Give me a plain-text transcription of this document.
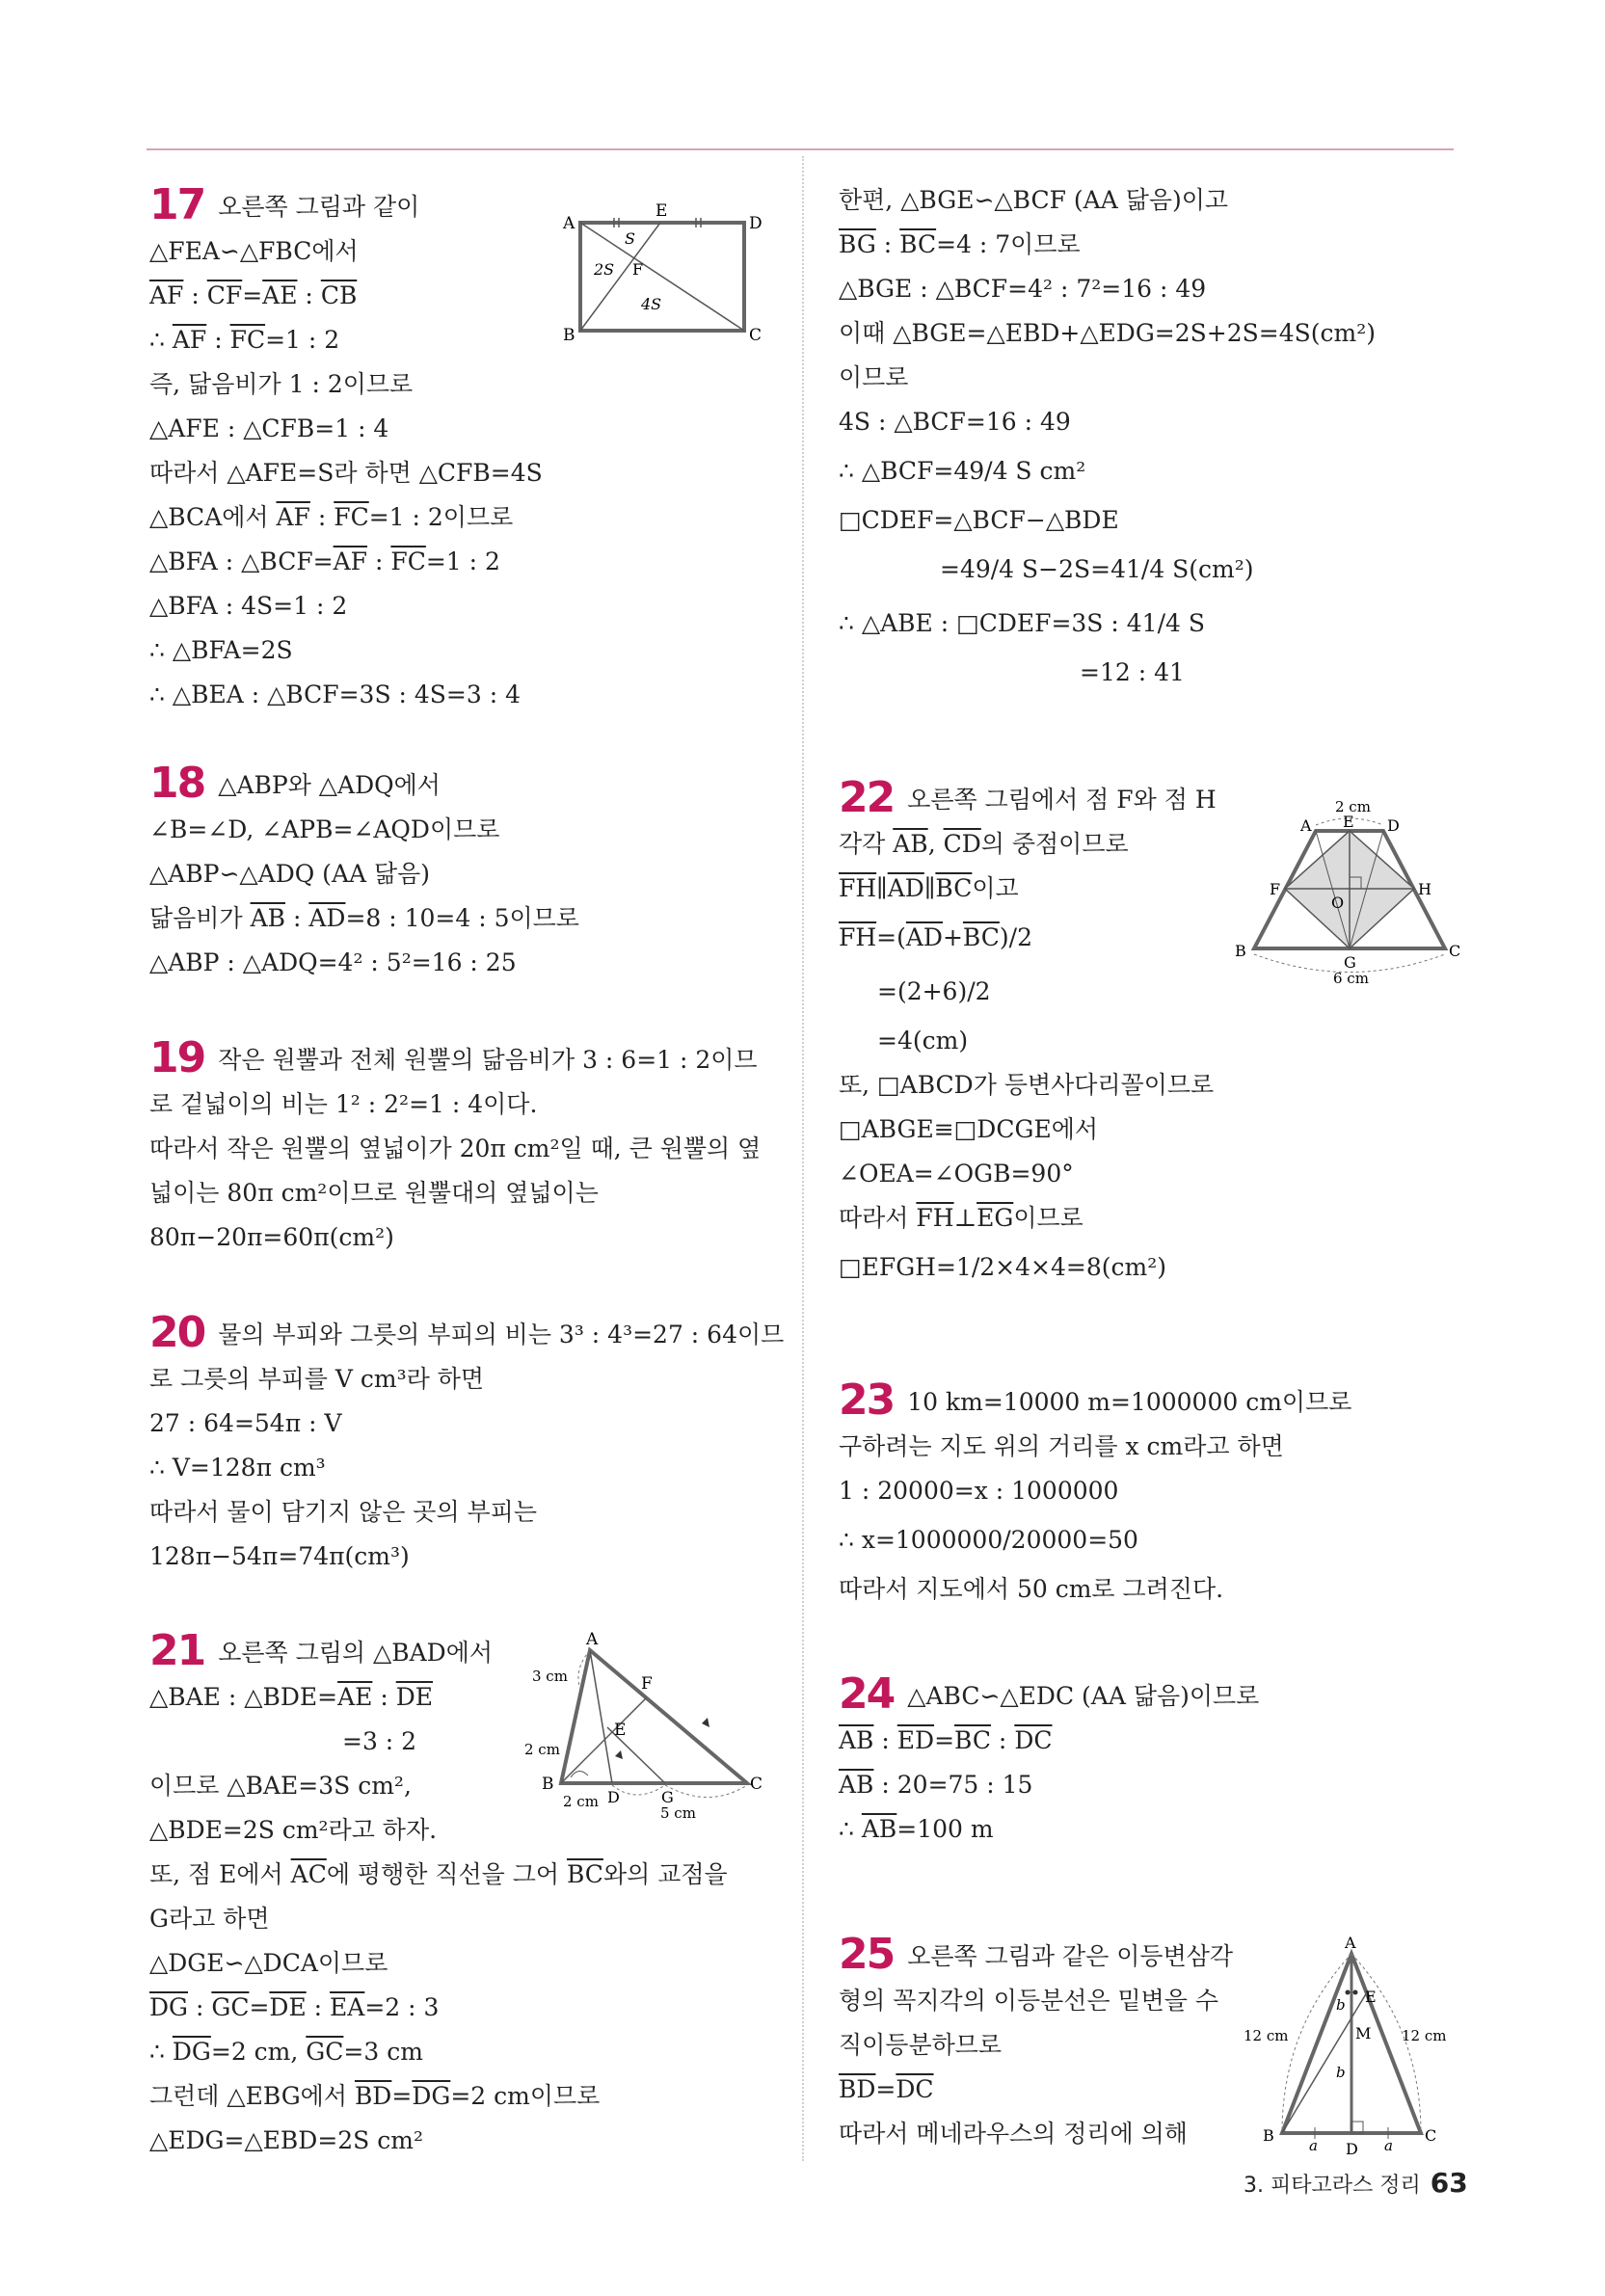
17 오른쪽 그림과 같이
△FEA∽△FBC에서
$\overline{AF}$ : $\overline{CF}=\overline{AE}$ : $\overline{CB}$
∴ $\overline{AF}$ : $\overline{FC}=1$ : 2
즉, 닮음비가 1 : 2이므로
△AFE : △CFB=1 : 4
따라서 △AFE=S라 하면 △CFB=4S
△BCA에서 $\overline{AF}$ : $\overline{FC}=1$ : 2이므로
△BFA : $\triangle BCF=\overline{AF}$ : $\overline{FC}=1$ : 2
△BFA : 4S=1 : 2
∴ △BFA=2S
∴ △BEA : △BCF=3S : 4S=3 : 4
A
E
D
B	C
F
S
2S
4S
18 △ABP와 △ADQ에서
∠B=∠D, ∠APB=∠AQD이므로
△ABP∽△ADQ (AA 닮음)
닮음비가 $\overline{AB}$ : $\overline{AD}=8$ : 10=4 : 5이므로
△ABP : △ADQ=4² : 5²=16 : 25
19 작은 원뿔과 전체 원뿔의 닮음비가 3 : 6=1 : 2이므
로 겉넓이의 비는 1² : 2²=1 : 4이다.
따라서 작은 원뿔의 옆넓이가 20π cm²일 때, 큰 원뿔의 옆
넓이는 80π cm²이므로 원뿔대의 옆넓이는
80π−20π=60π(cm²)
20 물의 부피와 그릇의 부피의 비는 3³ : 4³=27 : 64이므
로 그릇의 부피를 V cm³라 하면
27 : 64=54π : V
∴ V=128π cm³
따라서 물이 담기지 않은 곳의 부피는
128π−54π=74π(cm³)
21 오른쪽 그림의 △BAD에서
△BAE : $\triangle BDE=\overline{AE}$ : $\overline{DE}$
=3 : 2
이므로 △BAE=3S cm²,
△BDE=2S cm²라고 하자.
또, 점 E에서 $\overline{AC}$에 평행한 직선을 그어 $\overline{BC}$와의 교점을
G라고 하면
△DGE∽△DCA이므로
$\overline{DG}$ : $\overline{GC}=\overline{DE}$ : $\overline{EA}=2$ : 3
∴ $\overline{DG}=2$ cm, $\overline{GC}=3$ cm
그런데 △EBG에서 $\overline{BD}=\overline{DG}=2$ cm이므로
△EDG=△EBD=2S cm²
A
B	C
D
E
F
G
3 cm
2 cm
2 cm
5 cm
한편, △BGE∽△BCF (AA 닮음)이고
$\overline{BG}$ : $\overline{BC}=4$ : 7이므로
△BGE : △BCF=4² : 7²=16 : 49
이때 △BGE=△EBD+△EDG=2S+2S=4S(cm²)
이므로
4S : △BCF=16 : 49
∴ △BCF=49/4 S cm²
□CDEF=△BCF−△BDE
=49/4 S−2S=41/4 S(cm²)
∴ △ABE : □CDEF=3S : 41/4 S
=12 : 41
22 오른쪽 그림에서 점 F와 점 H
각각 $\overline{AB}$, $\overline{CD}$의 중점이므로
$\overline{FH}\parallel\overline{AD}\parallel\overline{BC}$이고
$\overline{FH}=(\overline{AD}+\overline{BC})/2$
=(2+6)/2
=4(cm)
또, □ABCD가 등변사다리꼴이므로
□ABGE≡□DCGE에서
∠OEA=∠OGB=90°
따라서 $\overline{FH}\perp\overline{EG}$이므로
□EFGH=1/2×4×4=8(cm²)
2 cm
A E D
F	H
O
B	C
G
6 cm
23 10 km=10000 m=1000000 cm이므로
구하려는 지도 위의 거리를 x cm라고 하면
1 : 20000=x : 1000000
∴ x=1000000/20000=50
따라서 지도에서 50 cm로 그려진다.
24 △ABC∽△EDC (AA 닮음)이므로
$\overline{AB}$ : $\overline{ED}=\overline{BC}$ : $\overline{DC}$
$\overline{AB}$ : 20=75 : 15
∴ $\overline{AB}=100$ m
25 오른쪽 그림과 같은 이등변삼각
형의 꼭지각의 이등분선은 밑변을 수
직이등분하므로
$\overline{BD}=\overline{DC}$
따라서 메네라우스의 정리에 의해
A
B	C
D
E
M
b
b
a	a
12 cm	12 cm
3. 피타고라스 정리 63
